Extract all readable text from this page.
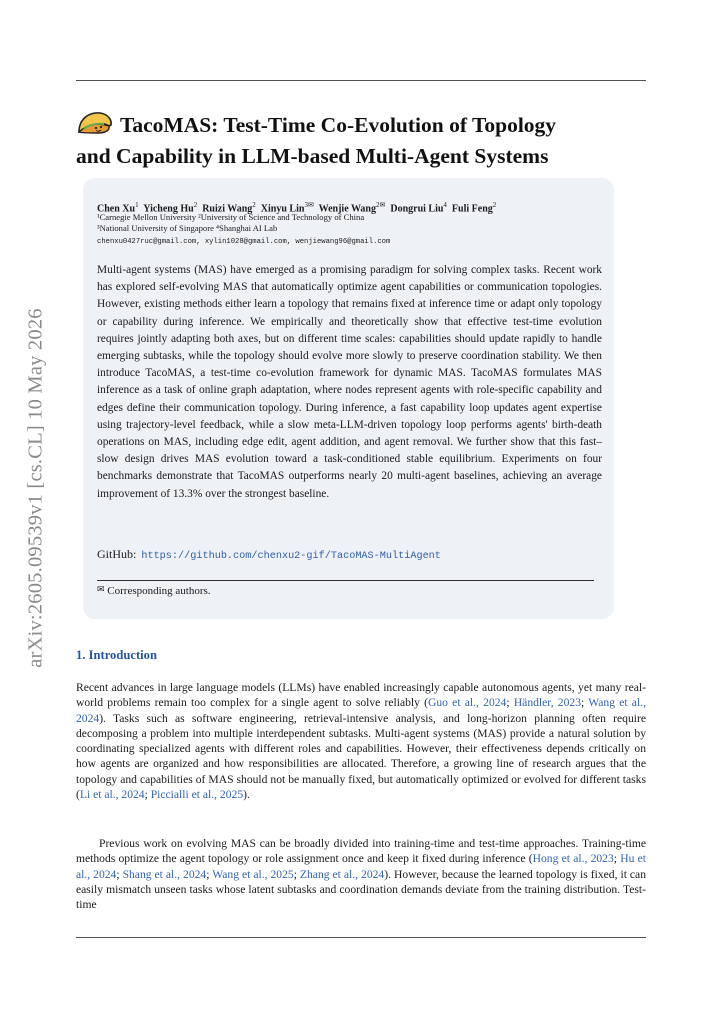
arXiv:2605.09539v1 [cs.CL] 10 May 2026
TacoMAS: Test-Time Co-Evolution of Topology
and Capability in LLM-based Multi-Agent Systems
Chen Xu$^1$ Yicheng Hu$^2$ Ruizi Wang$^2$ Xinyu Lin$^{3✉}$ Wenjie Wang$^{2✉}$ Dongrui Liu$^4$ Fuli Feng$^2$
¹Carnegie Mellon University ²University of Science and Technology of China
³National University of Singapore ⁴Shanghai AI Lab
chenxu0427ruc@gmail.com, xylin1028@gmail.com, wenjiewang96@gmail.com
Multi-agent systems (MAS) have emerged as a promising paradigm for solving complex tasks. Recent work has explored self-evolving MAS that automatically optimize agent capabilities or communication topologies. However, existing methods either learn a topology that remains fixed at inference time or adapt only topology or capability during inference. We empirically and theoretically show that effective test-time evolution requires jointly adapting both axes, but on different time scales: capabilities should update rapidly to handle emerging subtasks, while the topology should evolve more slowly to preserve coordination stability. We then introduce TacoMAS, a test-time co-evolution framework for dynamic MAS. TacoMAS formulates MAS inference as a task of online graph adaptation, where nodes represent agents with role-specific capability and edges define their communication topology. During inference, a fast capability loop updates agent expertise using trajectory-level feedback, while a slow meta-LLM-driven topology loop performs agents' birth-death operations on MAS, including edge edit, agent addition, and agent removal. We further show that this fast–slow design drives MAS evolution toward a task-conditioned stable equilibrium. Experiments on four benchmarks demonstrate that TacoMAS outperforms nearly 20 multi-agent baselines, achieving an average improvement of 13.3% over the strongest baseline.
GitHub: https://github.com/chenxu2-gif/TacoMAS-MultiAgent
✉ Corresponding authors.
1. Introduction
Recent advances in large language models (LLMs) have enabled increasingly capable autonomous agents, yet many real-world problems remain too complex for a single agent to solve reliably (Guo et al., 2024; Händler, 2023; Wang et al., 2024). Tasks such as software engineering, retrieval-intensive analysis, and long-horizon planning often require decomposing a problem into multiple interdependent subtasks. Multi-agent systems (MAS) provide a natural solution by coordinating specialized agents with different roles and capabilities. However, their effectiveness depends critically on how agents are organized and how responsibilities are allocated. Therefore, a growing line of research argues that the topology and capabilities of MAS should not be manually fixed, but automatically optimized or evolved for different tasks (Li et al., 2024; Piccialli et al., 2025).
Previous work on evolving MAS can be broadly divided into training-time and test-time approaches. Training-time methods optimize the agent topology or role assignment once and keep it fixed during inference (Hong et al., 2023; Hu et al., 2024; Shang et al., 2024; Wang et al., 2025; Zhang et al., 2024). However, because the learned topology is fixed, it can easily mismatch unseen tasks whose latent subtasks and coordination demands deviate from the training distribution. Test-time
